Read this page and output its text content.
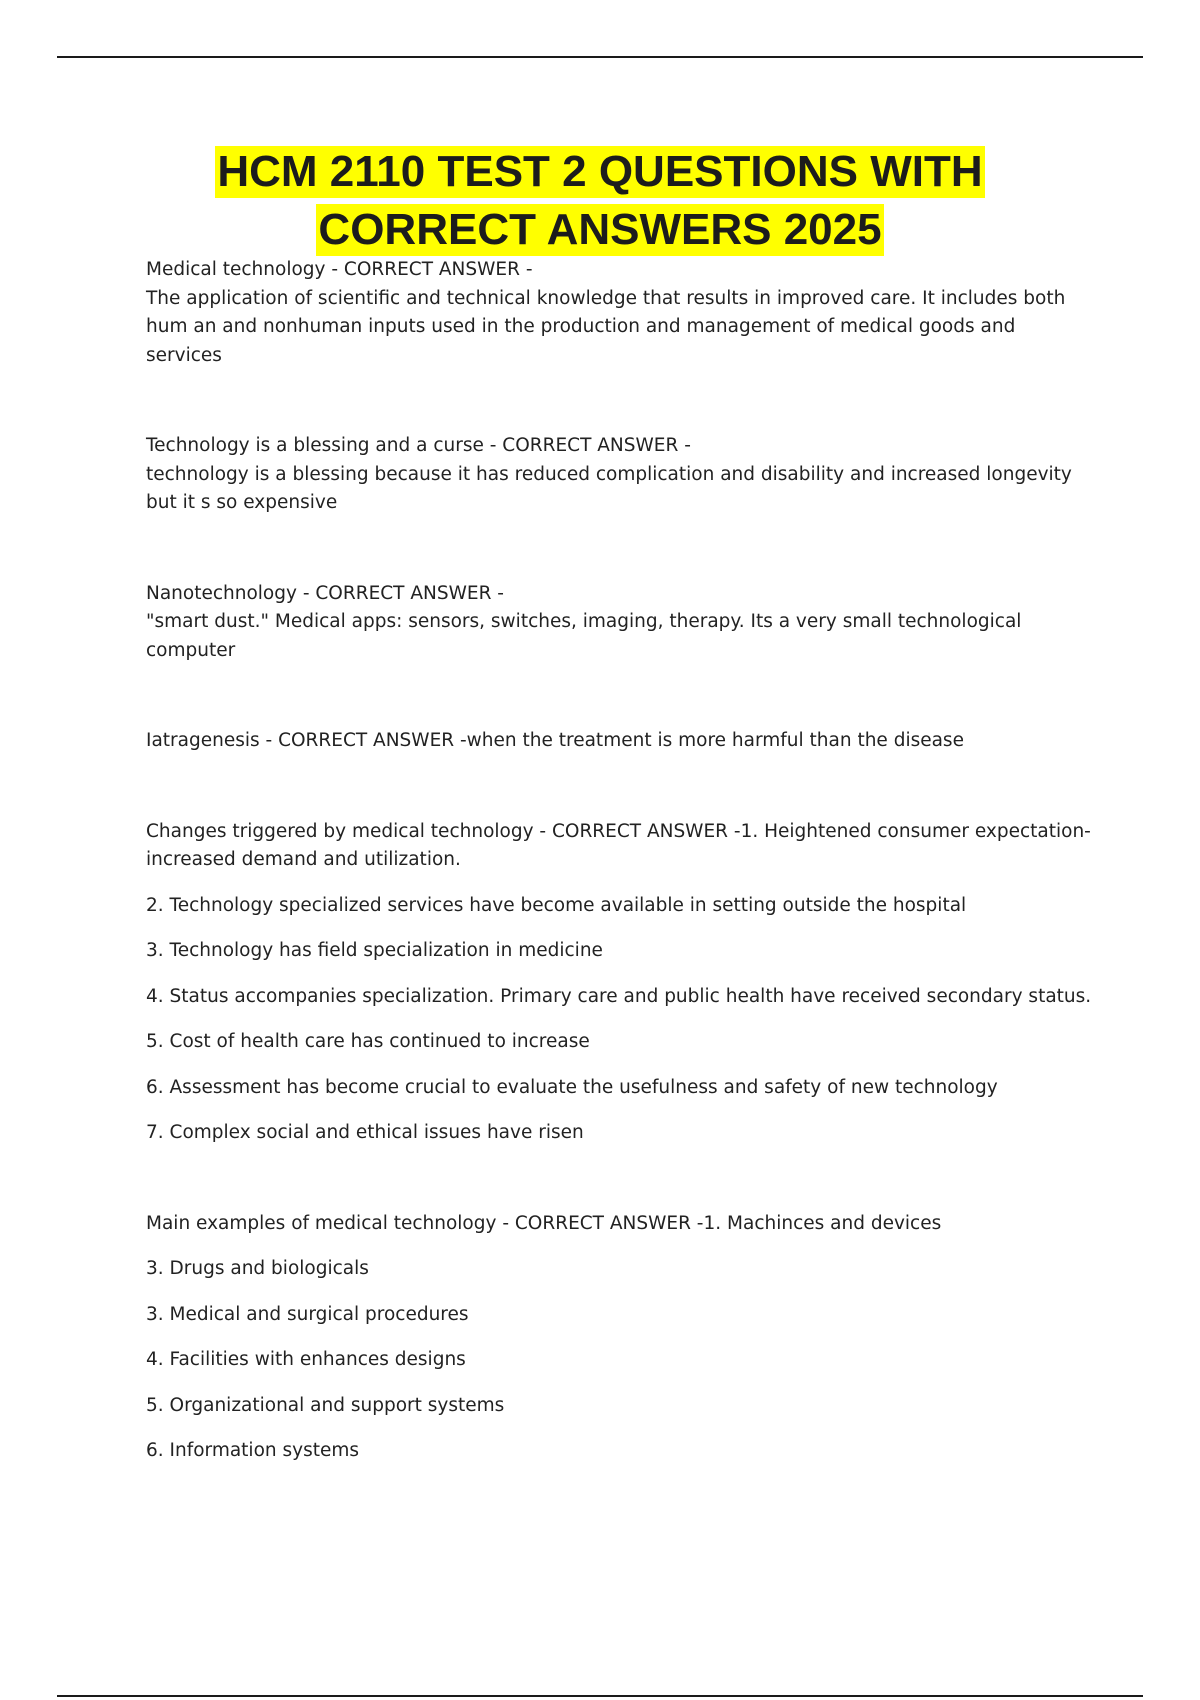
HCM 2110 TEST 2 QUESTIONS WITH
CORRECT ANSWERS 2025

Medical technology - CORRECT ANSWER -

The application of scientific and technical knowledge that results in improved care. It includes both hum an and nonhuman inputs used in the production and management of medical goods and services

Technology is a blessing and a curse - CORRECT ANSWER -

technology is a blessing because it has reduced complication and disability and increased longevity but it s so expensive

Nanotechnology - CORRECT ANSWER -

"smart dust." Medical apps: sensors, switches, imaging, therapy. Its a very small technological computer

Iatragenesis - CORRECT ANSWER -when the treatment is more harmful than the disease

Changes triggered by medical technology - CORRECT ANSWER -1. Heightened consumer expectation- increased demand and utilization.

2. Technology specialized services have become available in setting outside the hospital

3. Technology has field specialization in medicine

4. Status accompanies specialization. Primary care and public health have received secondary status.

5. Cost of health care has continued to increase

6. Assessment has become crucial to evaluate the usefulness and safety of new technology

7. Complex social and ethical issues have risen

Main examples of medical technology - CORRECT ANSWER -1. Machinces and devices

3. Drugs and biologicals

3. Medical and surgical procedures

4. Facilities with enhances designs

5. Organizational and support systems

6. Information systems
